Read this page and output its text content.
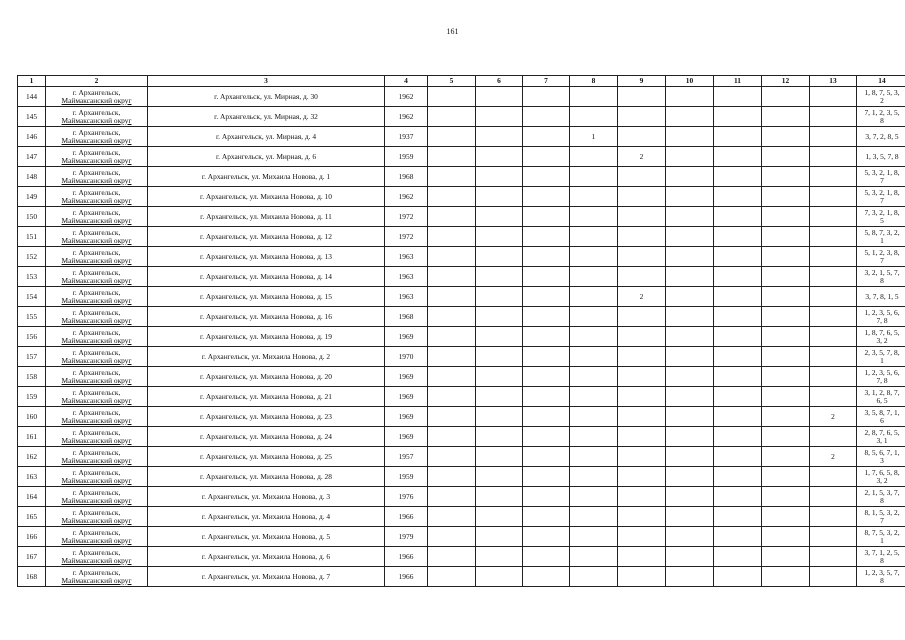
161
1	2	3	4	5	6	7	8	9	10	11	12	13	14
144	г. Архангельск,
Маймаксанский округ	г. Архангельск, ул. Мирная, д. 30	1962										1, 8, 7, 5, 3,
2

145	г. Архангельск,
Маймаксанский округ	г. Архангельск, ул. Мирная, д. 32	1962										7, 1, 2, 3, 5,
8

146	г. Архангельск,
Маймаксанский округ	г. Архангельск, ул. Мирная, д. 4	1937				1						3, 7, 2, 8, 5

147	г. Архангельск,
Маймаксанский округ	г. Архангельск, ул. Мирная, д. 6	1959					2					1, 3, 5, 7, 8

148	г. Архангельск,
Маймаксанский округ	г. Архангельск, ул. Михаила Новова, д. 1	1968										5, 3, 2, 1, 8,
7

149	г. Архангельск,
Маймаксанский округ	г. Архангельск, ул. Михаила Новова, д. 10	1962										5, 3, 2, 1, 8,
7

150	г. Архангельск,
Маймаксанский округ	г. Архангельск, ул. Михаила Новова, д. 11	1972										7, 3, 2, 1, 8,
5

151	г. Архангельск,
Маймаксанский округ	г. Архангельск, ул. Михаила Новова, д. 12	1972										5, 8, 7, 3, 2,
1

152	г. Архангельск,
Маймаксанский округ	г. Архангельск, ул. Михаила Новова, д. 13	1963										5, 1, 2, 3, 8,
7

153	г. Архангельск,
Маймаксанский округ	г. Архангельск, ул. Михаила Новова, д. 14	1963										3, 2, 1, 5, 7,
8

154	г. Архангельск,
Маймаксанский округ	г. Архангельск, ул. Михаила Новова, д. 15	1963					2					3, 7, 8, 1, 5

155	г. Архангельск,
Маймаксанский округ	г. Архангельск, ул. Михаила Новова, д. 16	1968										1, 2, 3, 5, 6,
7, 8

156	г. Архангельск,
Маймаксанский округ	г. Архангельск, ул. Михаила Новова, д. 19	1969										1, 8, 7, 6, 5,
3, 2

157	г. Архангельск,
Маймаксанский округ	г. Архангельск, ул. Михаила Новова, д. 2	1970										2, 3, 5, 7, 8,
1

158	г. Архангельск,
Маймаксанский округ	г. Архангельск, ул. Михаила Новова, д. 20	1969										1, 2, 3, 5, 6,
7, 8

159	г. Архангельск,
Маймаксанский округ	г. Архангельск, ул. Михаила Новова, д. 21	1969										3, 1, 2, 8, 7,
6, 5

160	г. Архангельск,
Маймаксанский округ	г. Архангельск, ул. Михаила Новова, д. 23	1969									2	3, 5, 8, 7, 1,
6

161	г. Архангельск,
Маймаксанский округ	г. Архангельск, ул. Михаила Новова, д. 24	1969										2, 8, 7, 6, 5,
3, 1

162	г. Архангельск,
Маймаксанский округ	г. Архангельск, ул. Михаила Новова, д. 25	1957									2	8, 5, 6, 7, 1,
3

163	г. Архангельск,
Маймаксанский округ	г. Архангельск, ул. Михаила Новова, д. 28	1959										1, 7, 6, 5, 8,
3, 2

164	г. Архангельск,
Маймаксанский округ	г. Архангельск, ул. Михаила Новова, д. 3	1976										2, 1, 5, 3, 7,
8

165	г. Архангельск,
Маймаксанский округ	г. Архангельск, ул. Михаила Новова, д. 4	1966										8, 1, 5, 3, 2,
7

166	г. Архангельск,
Маймаксанский округ	г. Архангельск, ул. Михаила Новова, д. 5	1979										8, 7, 5, 3, 2,
1

167	г. Архангельск,
Маймаксанский округ	г. Архангельск, ул. Михаила Новова, д. 6	1966										3, 7, 1, 2, 5,
8

168	г. Архангельск,
Маймаксанский округ	г. Архангельск, ул. Михаила Новова, д. 7	1966										1, 2, 3, 5, 7,
8
